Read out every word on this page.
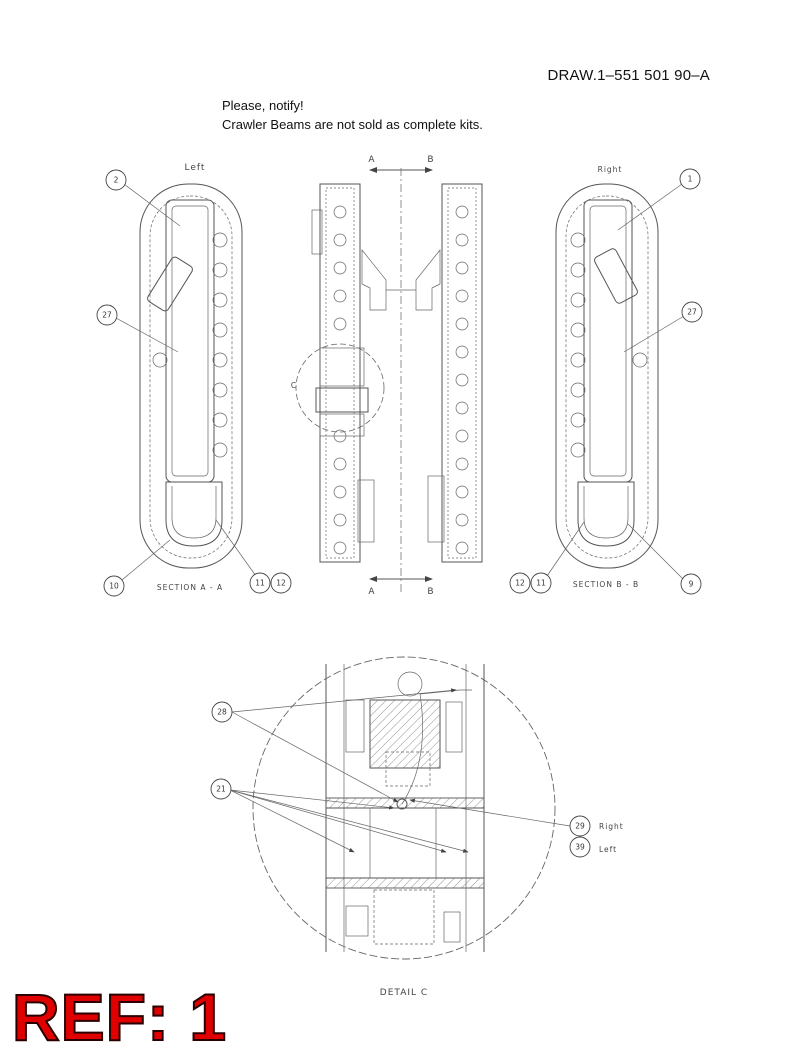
DRAW.1–551 501 90–A
Please, notify!
Crawler Beams are not sold as complete kits.
Left
SECTION A - A
2
27
10	11 12
A	B
C
A	B
Right
SECTION B - B
1
27
12 11	9
28
21
29 Right
39 Left
DETAIL C
REF: 1
